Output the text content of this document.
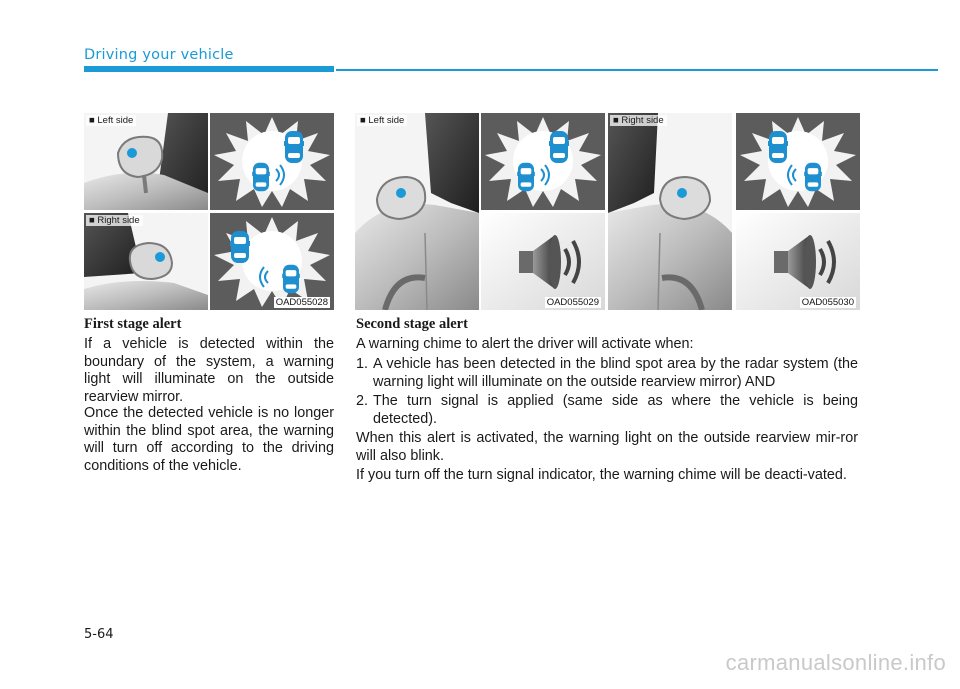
Driving your vehicle
■ Left side
■ Right side
OAD055028
■ Left side
OAD055029
■ Right side
OAD055030
First stage alert
If a vehicle is detected within the boundary of the system, a warning light will illuminate on the outside rearview mirror.
Once the detected vehicle is no longer within the blind spot area, the warning will turn off according to the driving conditions of the vehicle.
Second stage alert
A warning chime to alert the driver will activate when:
1. A vehicle has been detected in the blind spot area by the radar system (the warning light will illuminate on the outside rearview mirror) AND
2. The turn signal is applied (same side as where the vehicle is being detected).
When this alert is activated, the warning light on the outside rearview mir-ror will also blink.
If you turn off the turn signal indicator, the warning chime will be deacti-vated.
5-64
carmanualsonline.info
